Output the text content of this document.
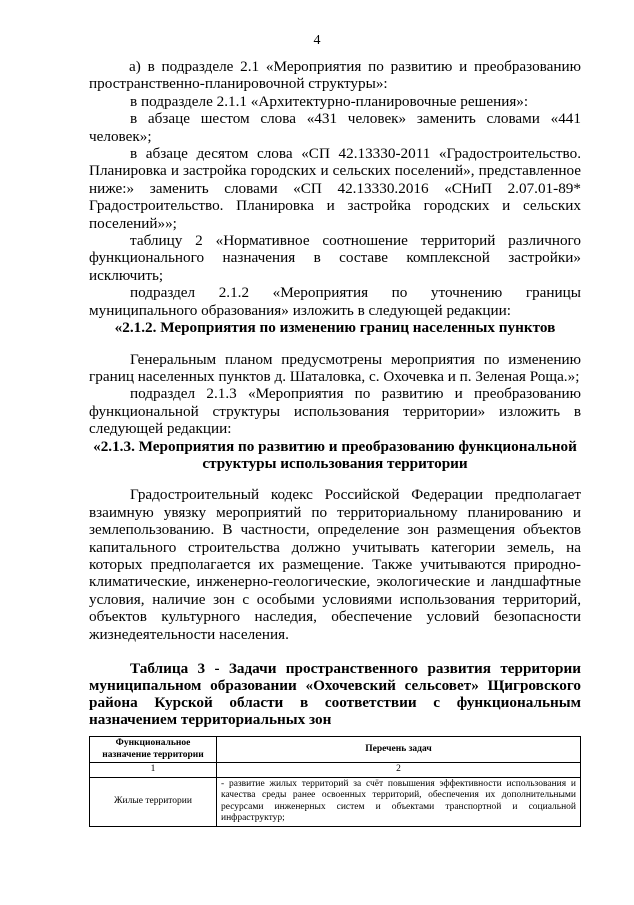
4

а) в подразделе 2.1 «Мероприятия по развитию и преобразованию пространственно-планировочной структуры»:

в подразделе 2.1.1 «Архитектурно-планировочные решения»:

в абзаце шестом слова «431 человек» заменить словами «441 человек»;

в абзаце десятом слова «СП 42.13330-2011 «Градостроительство. Планировка и застройка городских и сельских поселений», представленное ниже:» заменить словами «СП 42.13330.2016 «СНиП 2.07.01-89* Градостроительство. Планировка и застройка городских и сельских поселений»»;

таблицу 2 «Нормативное соотношение территорий различного функционального назначения в составе комплексной застройки» исключить;

подраздел 2.1.2 «Мероприятия по уточнению границы муниципального образования» изложить в следующей редакции:

«2.1.2. Мероприятия по изменению границ населенных пунктов

Генеральным планом предусмотрены мероприятия по изменению границ населенных пунктов д. Шаталовка, с. Охочевка и п. Зеленая Роща.»;

подраздел 2.1.3 «Мероприятия по развитию и преобразованию функциональной структуры использования территории» изложить в следующей редакции:

«2.1.3. Мероприятия по развитию и преобразованию функциональной структуры использования территории

Градостроительный кодекс Российской Федерации предполагает взаимную увязку мероприятий по территориальному планированию и землепользованию. В частности, определение зон размещения объектов капитального строительства должно учитывать категории земель, на которых предполагается их размещение. Также учитываются природно-климатические, инженерно-геологические, экологические и ландшафтные условия, наличие зон с особыми условиями использования территорий, объектов культурного наследия, обеспечение условий безопасности жизнедеятельности населения.

Таблица 3 - Задачи пространственного развития территории муниципальном образовании «Охочевский сельсовет» Щигровского района Курской области в соответствии с функциональным назначением территориальных зон

Функциональное назначение территории	Перечень задач
1	2
Жилые территории	- развитие жилых территорий за счёт повышения эффективности использования и качества среды ранее освоенных территорий, обеспечения их дополнительными ресурсами инженерных систем и объектами транспортной и социальной инфраструктур;
